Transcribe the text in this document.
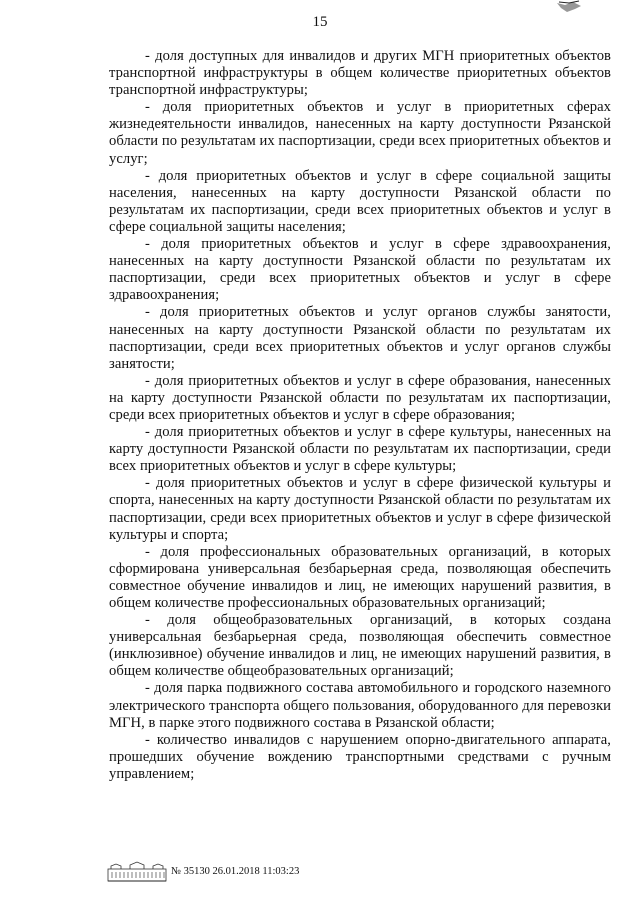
15

- доля доступных для инвалидов и других МГН приоритетных объектов транспортной инфраструктуры в общем количестве приоритетных объектов транспортной инфраструктуры;

- доля приоритетных объектов и услуг в приоритетных сферах жизнедеятельности инвалидов, нанесенных на карту доступности Рязанской области по результатам их паспортизации, среди всех приоритетных объектов и услуг;

- доля приоритетных объектов и услуг в сфере социальной защиты населения, нанесенных на карту доступности Рязанской области по результатам их паспортизации, среди всех приоритетных объектов и услуг в сфере социальной защиты населения;

- доля приоритетных объектов и услуг в сфере здравоохранения, нанесенных на карту доступности Рязанской области по результатам их паспортизации, среди всех приоритетных объектов и услуг в сфере здравоохранения;

- доля приоритетных объектов и услуг органов службы занятости, нанесенных на карту доступности Рязанской области по результатам их паспортизации, среди всех приоритетных объектов и услуг органов службы занятости;

- доля приоритетных объектов и услуг в сфере образования, нанесенных на карту доступности Рязанской области по результатам их паспортизации, среди всех приоритетных объектов и услуг в сфере образования;

- доля приоритетных объектов и услуг в сфере культуры, нанесенных на карту доступности Рязанской области по результатам их паспортизации, среди всех приоритетных объектов и услуг в сфере культуры;

- доля приоритетных объектов и услуг в сфере физической культуры и спорта, нанесенных на карту доступности Рязанской области по результатам их паспортизации, среди всех приоритетных объектов и услуг в сфере физической культуры и спорта;

- доля профессиональных образовательных организаций, в которых сформирована универсальная безбарьерная среда, позволяющая обеспечить совместное обучение инвалидов и лиц, не имеющих нарушений развития, в общем количестве профессиональных образовательных организаций;

- доля общеобразовательных организаций, в которых создана универсальная безбарьерная среда, позволяющая обеспечить совместное (инклюзивное) обучение инвалидов и лиц, не имеющих нарушений развития, в общем количестве общеобразовательных организаций;

- доля парка подвижного состава автомобильного и городского наземного электрического транспорта общего пользования, оборудованного для перевозки МГН, в парке этого подвижного состава в Рязанской области;

- количество инвалидов с нарушением опорно-двигательного аппарата, прошедших обучение вождению транспортными средствами с ручным управлением;

№ 35130 26.01.2018 11:03:23
